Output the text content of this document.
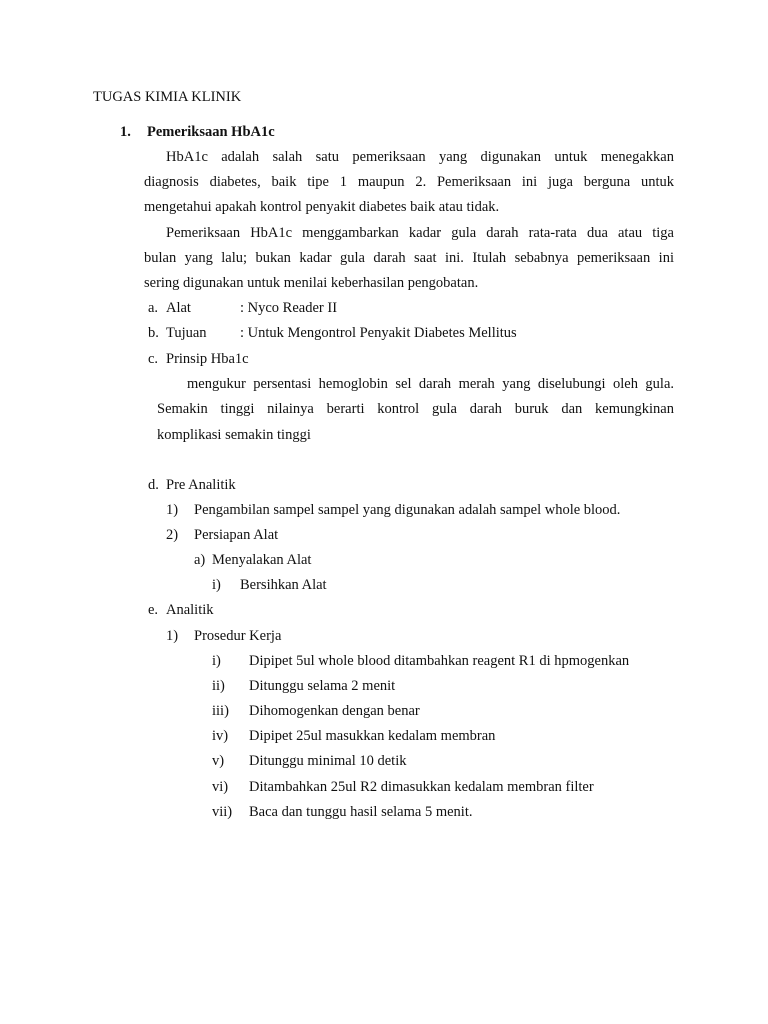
TUGAS KIMIA KLINIK
1. Pemeriksaan HbA1c
HbA1c adalah salah satu pemeriksaan yang digunakan untuk menegakkan
diagnosis diabetes, baik tipe 1 maupun 2. Pemeriksaan ini juga berguna untuk
mengetahui apakah kontrol penyakit diabetes baik atau tidak.
Pemeriksaan HbA1c menggambarkan kadar gula darah rata-rata dua atau tiga
bulan yang lalu; bukan kadar gula darah saat ini. Itulah sebabnya pemeriksaan ini
sering digunakan untuk menilai keberhasilan pengobatan.
a. Alat	: Nyco Reader II
b. Tujuan : Untuk Mengontrol Penyakit Diabetes Mellitus
c. Prinsip Hba1c
mengukur persentasi hemoglobin sel darah merah yang diselubungi oleh gula.
Semakin tinggi nilainya berarti kontrol gula darah buruk dan kemungkinan
komplikasi semakin tinggi
d. Pre Analitik
1) Pengambilan sampel sampel yang digunakan adalah sampel whole blood.
2) Persiapan Alat
a) Menyalakan Alat
i) Bersihkan Alat
e. Analitik
1) Prosedur Kerja
i) Dipipet 5ul whole blood ditambahkan reagent R1 di hpmogenkan
ii) Ditunggu selama 2 menit
iii) Dihomogenkan dengan benar
iv) Dipipet 25ul masukkan kedalam membran
v) Ditunggu minimal 10 detik
vi) Ditambahkan 25ul R2 dimasukkan kedalam membran filter
vii) Baca dan tunggu hasil selama 5 menit.
